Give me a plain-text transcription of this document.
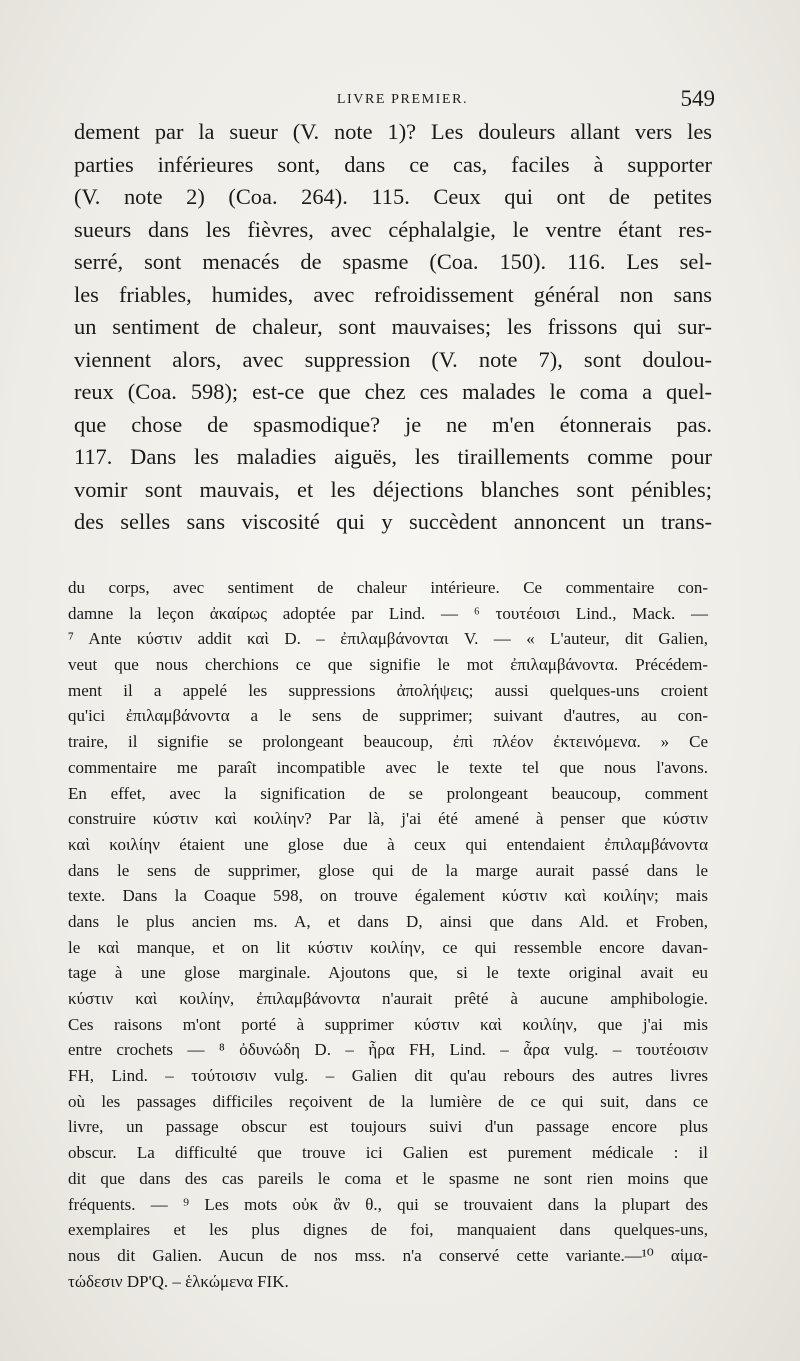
LIVRE PREMIER.	549
dement par la sueur (V. note 1)? Les douleurs allant vers les
parties inférieures sont, dans ce cas, faciles à supporter
(V. note 2) (Coa. 264). 115. Ceux qui ont de petites
sueurs dans les fièvres, avec céphalalgie, le ventre étant res-
serré, sont menacés de spasme (Coa. 150). 116. Les sel-
les friables, humides, avec refroidissement général non sans
un sentiment de chaleur, sont mauvaises; les frissons qui sur-
viennent alors, avec suppression (V. note 7), sont doulou-
reux (Coa. 598); est-ce que chez ces malades le coma a quel-
que chose de spasmodique? je ne m'en étonnerais pas.
117. Dans les maladies aiguës, les tiraillements comme pour
vomir sont mauvais, et les déjections blanches sont pénibles;
des selles sans viscosité qui y succèdent annoncent un trans-
du corps, avec sentiment de chaleur intérieure. Ce commentaire con-
damne la leçon ἀκαίρως adoptée par Lind. — ⁶ τουτέοισι Lind., Mack. —
⁷ Ante κύστιν addit καὶ D. – ἐπιλαμβάνονται V. — « L'auteur, dit Galien,
veut que nous cherchions ce que signifie le mot ἐπιλαμβάνοντα. Précédem-
ment il a appelé les suppressions ἀπολήψεις; aussi quelques-uns croient
qu'ici ἐπιλαμβάνοντα a le sens de supprimer; suivant d'autres, au con-
traire, il signifie se prolongeant beaucoup, ἐπὶ πλέον ἐκτεινόμενα. » Ce
commentaire me paraît incompatible avec le texte tel que nous l'avons.
En effet, avec la signification de se prolongeant beaucoup, comment
construire κύστιν καὶ κοιλίην? Par là, j'ai été amené à penser que κύστιν
καὶ κοιλίην étaient une glose due à ceux qui entendaient ἐπιλαμβάνοντα
dans le sens de supprimer, glose qui de la marge aurait passé dans le
texte. Dans la Coaque 598, on trouve également κύστιν καὶ κοιλίην; mais
dans le plus ancien ms. A, et dans D, ainsi que dans Ald. et Froben,
le καὶ manque, et on lit κύστιν κοιλίην, ce qui ressemble encore davan-
tage à une glose marginale. Ajoutons que, si le texte original avait eu
κύστιν καὶ κοιλίην, ἐπιλαμβάνοντα n'aurait prêté à aucune amphibologie.
Ces raisons m'ont porté à supprimer κύστιν καὶ κοιλίην, que j'ai mis
entre crochets — ⁸ ὀδυνώδη D. – ἦρα FH, Lind. – ἆρα vulg. – τουτέοισιν
FH, Lind. – τούτοισιν vulg. – Galien dit qu'au rebours des autres livres
où les passages difficiles reçoivent de la lumière de ce qui suit, dans ce
livre, un passage obscur est toujours suivi d'un passage encore plus
obscur. La difficulté que trouve ici Galien est purement médicale : il
dit que dans des cas pareils le coma et le spasme ne sont rien moins que
fréquents. — ⁹ Les mots οὐκ ἂν θ., qui se trouvaient dans la plupart des
exemplaires et les plus dignes de foi, manquaient dans quelques-uns,
nous dit Galien. Aucun de nos mss. n'a conservé cette variante.—¹⁰ αἱμα-
τώδεσιν DP'Q. – ἑλκώμενα FIK.
